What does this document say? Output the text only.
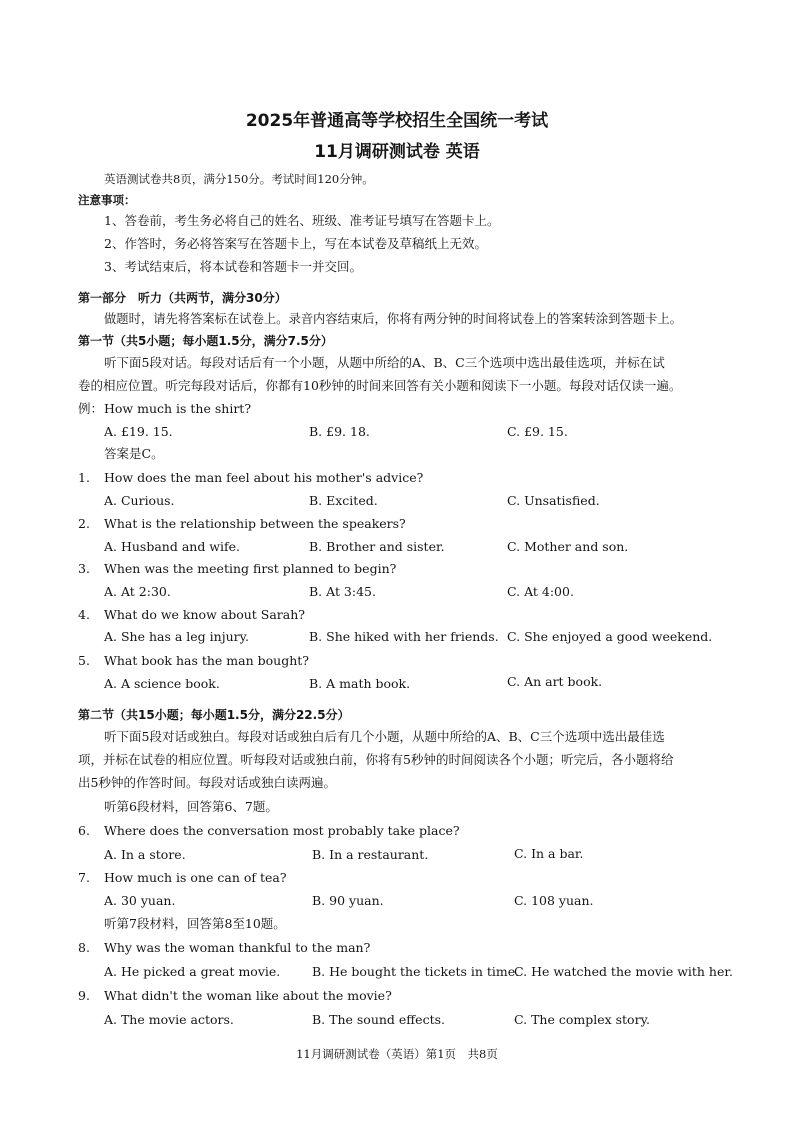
2025年普通高等学校招生全国统一考试
11月调研测试卷 英语
英语测试卷共8页，满分150分。考试时间120分钟。
注意事项：
1、答卷前，考生务必将自己的姓名、班级、准考证号填写在答题卡上。
2、作答时，务必将答案写在答题卡上，写在本试卷及草稿纸上无效。
3、考试结束后，将本试卷和答题卡一并交回。
第一部分　听力（共两节，满分30分）
做题时，请先将答案标在试卷上。录音内容结束后，你将有两分钟的时间将试卷上的答案转涂到答题卡上。
第一节（共5小题；每小题1.5分，满分7.5分）
听下面5段对话。每段对话后有一个小题，从题中所给的A、B、C三个选项中选出最佳选项，并标在试
卷的相应位置。听完每段对话后，你都有10秒钟的时间来回答有关小题和阅读下一小题。每段对话仅读一遍。
例： How much is the shirt?
A. £19. 15.	B. £9. 18.	C. £9. 15.
答案是C。
1. How does the man feel about his mother's advice?
A. Curious.	B. Excited.	C. Unsatisfied.
2. What is the relationship between the speakers?
A. Husband and wife.	B. Brother and sister.	C. Mother and son.
3. When was the meeting first planned to begin?
A. At 2:30.	B. At 3:45.	C. At 4:00.
4. What do we know about Sarah?
A. She has a leg injury.	B. She hiked with her friends. C. She enjoyed a good weekend.
5. What book has the man bought?
A. A science book.	B. A math book.	C. An art book.
第二节（共15小题；每小题1.5分，满分22.5分）
听下面5段对话或独白。每段对话或独白后有几个小题，从题中所给的A、B、C三个选项中选出最佳选
项，并标在试卷的相应位置。听每段对话或独白前，你将有5秒钟的时间阅读各个小题；听完后，各小题将给
出5秒钟的作答时间。每段对话或独白读两遍。
听第6段材料，回答第6、7题。
6. Where does the conversation most probably take place?
A. In a store.	B. In a restaurant.	C. In a bar.
7. How much is one can of tea?
A. 30 yuan.	B. 90 yuan.	C. 108 yuan.
听第7段材料，回答第8至10题。
8. Why was the woman thankful to the man?
A. He picked a great movie.	B. He bought the tickets in time.
C. He watched the movie with her.
9. What didn't the woman like about the movie?
A. The movie actors.	B. The sound effects.	C. The complex story.
11月调研测试卷（英语）第1页　共8页
